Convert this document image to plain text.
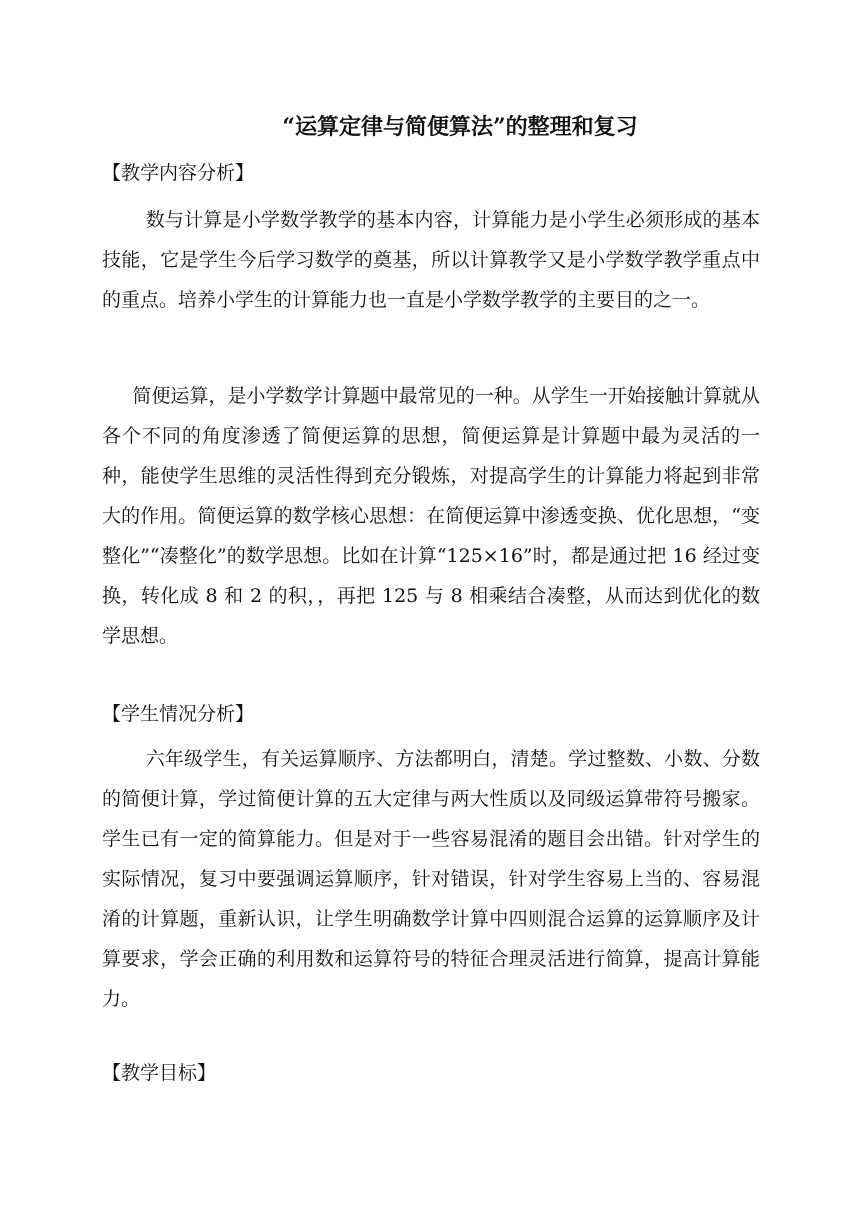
“运算定律与简便算法”的整理和复习
【教学内容分析】
数与计算是小学数学教学的基本内容，计算能力是小学生必须形成的基本技能，它是学生今后学习数学的奠基，所以计算教学又是小学数学教学重点中的重点。培养小学生的计算能力也一直是小学数学教学的主要目的之一。
简便运算，是小学数学计算题中最常见的一种。从学生一开始接触计算就从各个不同的角度渗透了简便运算的思想，简便运算是计算题中最为灵活的一种，能使学生思维的灵活性得到充分锻炼，对提高学生的计算能力将起到非常大的作用。简便运算的数学核心思想：在简便运算中渗透变换、优化思想，“变整化”“凑整化”的数学思想。比如在计算“125×16”时，都是通过把 16 经过变换，转化成 8 和 2 的积，，再把 125 与 8 相乘结合凑整，从而达到优化的数学思想。
【学生情况分析】
六年级学生，有关运算顺序、方法都明白，清楚。学过整数、小数、分数的简便计算，学过简便计算的五大定律与两大性质以及同级运算带符号搬家。学生已有一定的简算能力。但是对于一些容易混淆的题目会出错。针对学生的实际情况，复习中要强调运算顺序，针对错误，针对学生容易上当的、容易混淆的计算题，重新认识，让学生明确数学计算中四则混合运算的运算顺序及计算要求，学会正确的利用数和运算符号的特征合理灵活进行简算，提高计算能力。
【教学目标】
